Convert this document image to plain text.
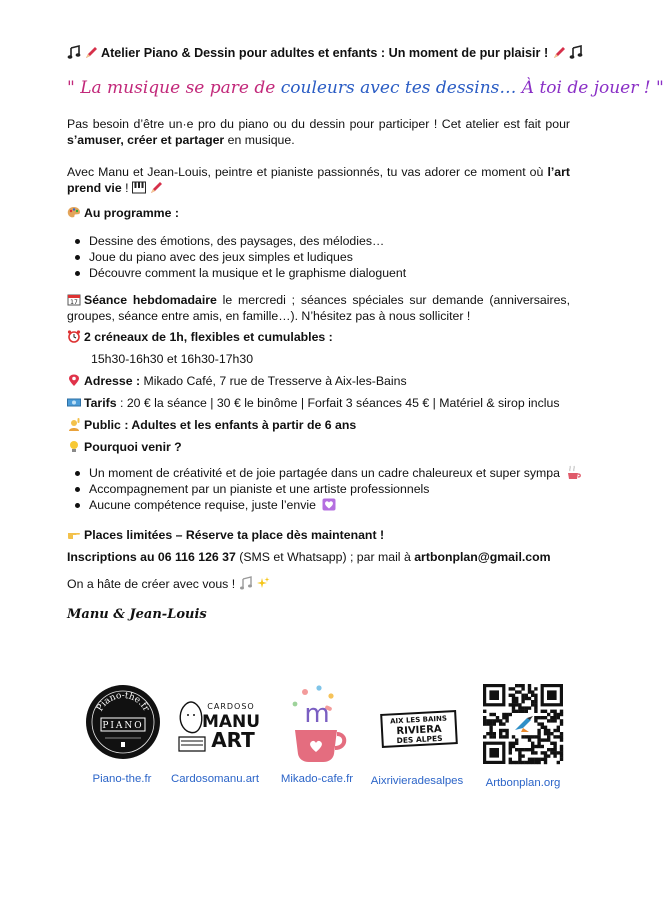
Atelier Piano & Dessin pour adultes et enfants : Un moment de pur plaisir !
" La musique se pare de couleurs avec tes dessins… À toi de jouer ! "
Pas besoin d’être un·e pro du piano ou du dessin pour participer ! Cet atelier est fait pour s’amuser, créer et partager en musique.
Avec Manu et Jean-Louis, peintre et pianiste passionnés, tu vas adorer ce moment où l’art prend vie !
Au programme :
Dessine des émotions, des paysages, des mélodies…
Joue du piano avec des jeux simples et ludiques
Découvre comment la musique et le graphisme dialoguent
17 Séance hebdomadaire le mercredi ; séances spéciales sur demande (anniversaires, groupes, séance entre amis, en famille…). N’hésitez pas à nous solliciter !
2 créneaux de 1h, flexibles et cumulables :
15h30-16h30 et 16h30-17h30
Adresse : Mikado Café, 7 rue de Tresserve à Aix-les-Bains
Tarifs : 20 € la séance | 30 € le binôme | Forfait 3 séances 45 € | Matériel & sirop inclus
Public : Adultes et les enfants à partir de 6 ans
Pourquoi venir ?
Un moment de créativité et de joie partagée dans un cadre chaleureux et super sympa
Accompagnement par un pianiste et une artiste professionnels
Aucune compétence requise, juste l’envie
Places limitées – Réserve ta place dès maintenant !
Inscriptions au 06 116 126 37 (SMS et Whatsapp) ; par mail à artbonplan@gmail.com
On a hâte de créer avec vous !
Manu & Jean-Louis
Piano-the.fr
PIANO
CARDOSO
MANU
ART
m	AIX LES BAINS
RIVIERA
DES ALPES
Piano-the.fr	Cardosomanu.art	Mikado-cafe.fr	Aixrivieradesalpes	Artbonplan.org
